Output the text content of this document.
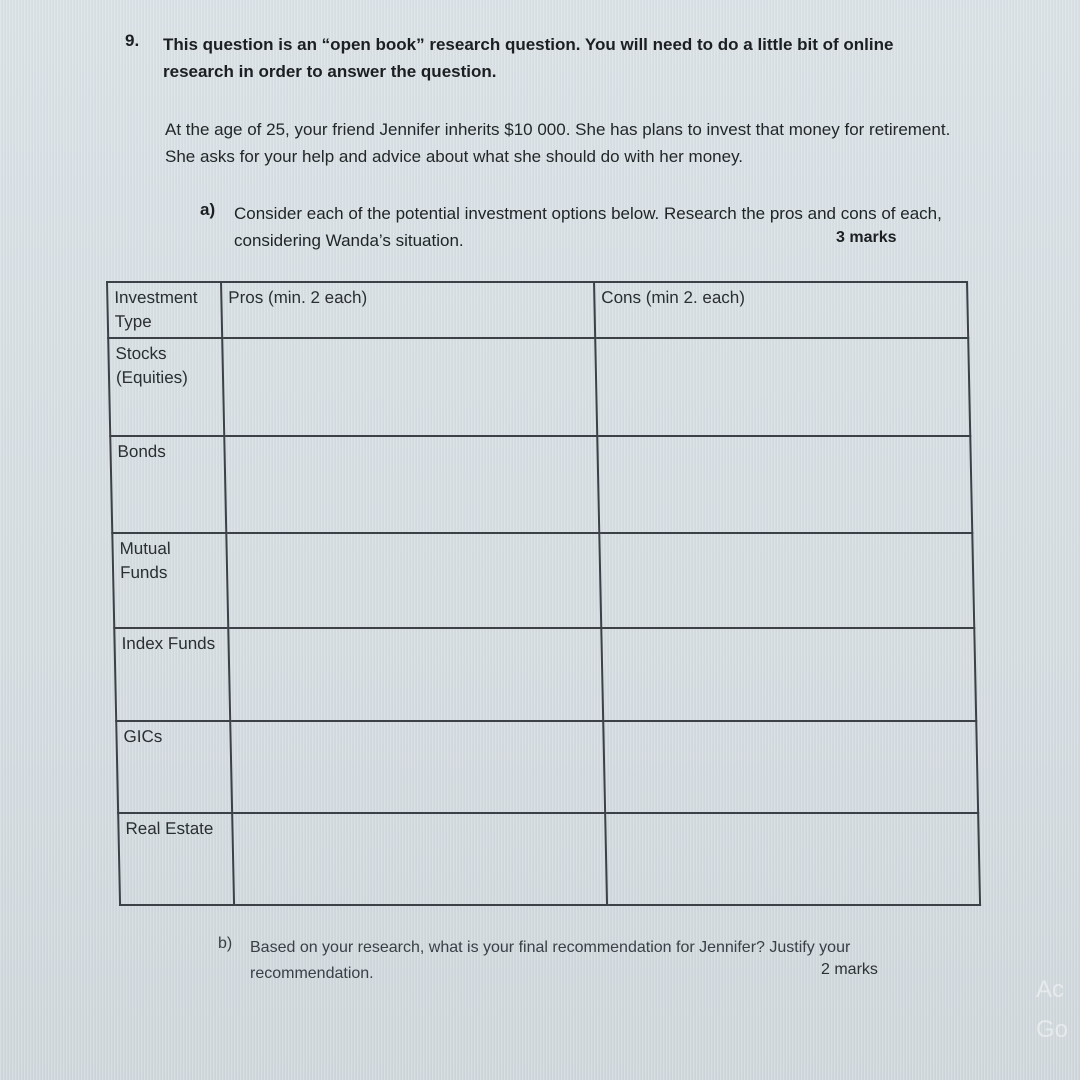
9. This question is an “open book” research question. You will need to do a little bit of online research in order to answer the question.
At the age of 25, your friend Jennifer inherits $10 000. She has plans to invest that money for retirement. She asks for your help and advice about what she should do with her money.
a) Consider each of the potential investment options below. Research the pros and cons of each, considering Wanda’s situation.	3 marks
Investment Type	Pros (min. 2 each)	Cons (min 2. each)

Stocks (Equities)		

Bonds		

Mutual Funds		

Index Funds		

GICs		

Real Estate		

b) Based on your research, what is your final recommendation for Jennifer? Justify your recommendation.	2 marks
Ac
Go
